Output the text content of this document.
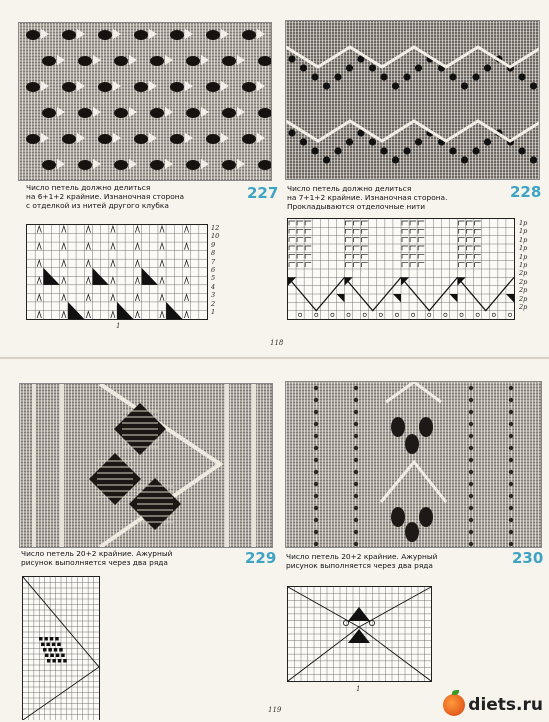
227
Число петель должно делиться
на 6+1+2 крайние. Изнаночная сторона
с отделкой из нитей другого клубка
12
10
9
8
7
6
5
4
3
2
1
1
228
Число петель должно делиться
на 7+1+2 крайние. Изнаночная сторона.
Прокладываются отделочные нити
1p
1p
1p
1p
1p
1p
2p
2p
2p
2p
2p
118
229
Число петель 20+2 крайние. Ажурный
рисунок выполняется через два ряда	230
Число петель 20+2 крайние. Ажурный
рисунок выполняется через два ряда
1
119	diets.ru
